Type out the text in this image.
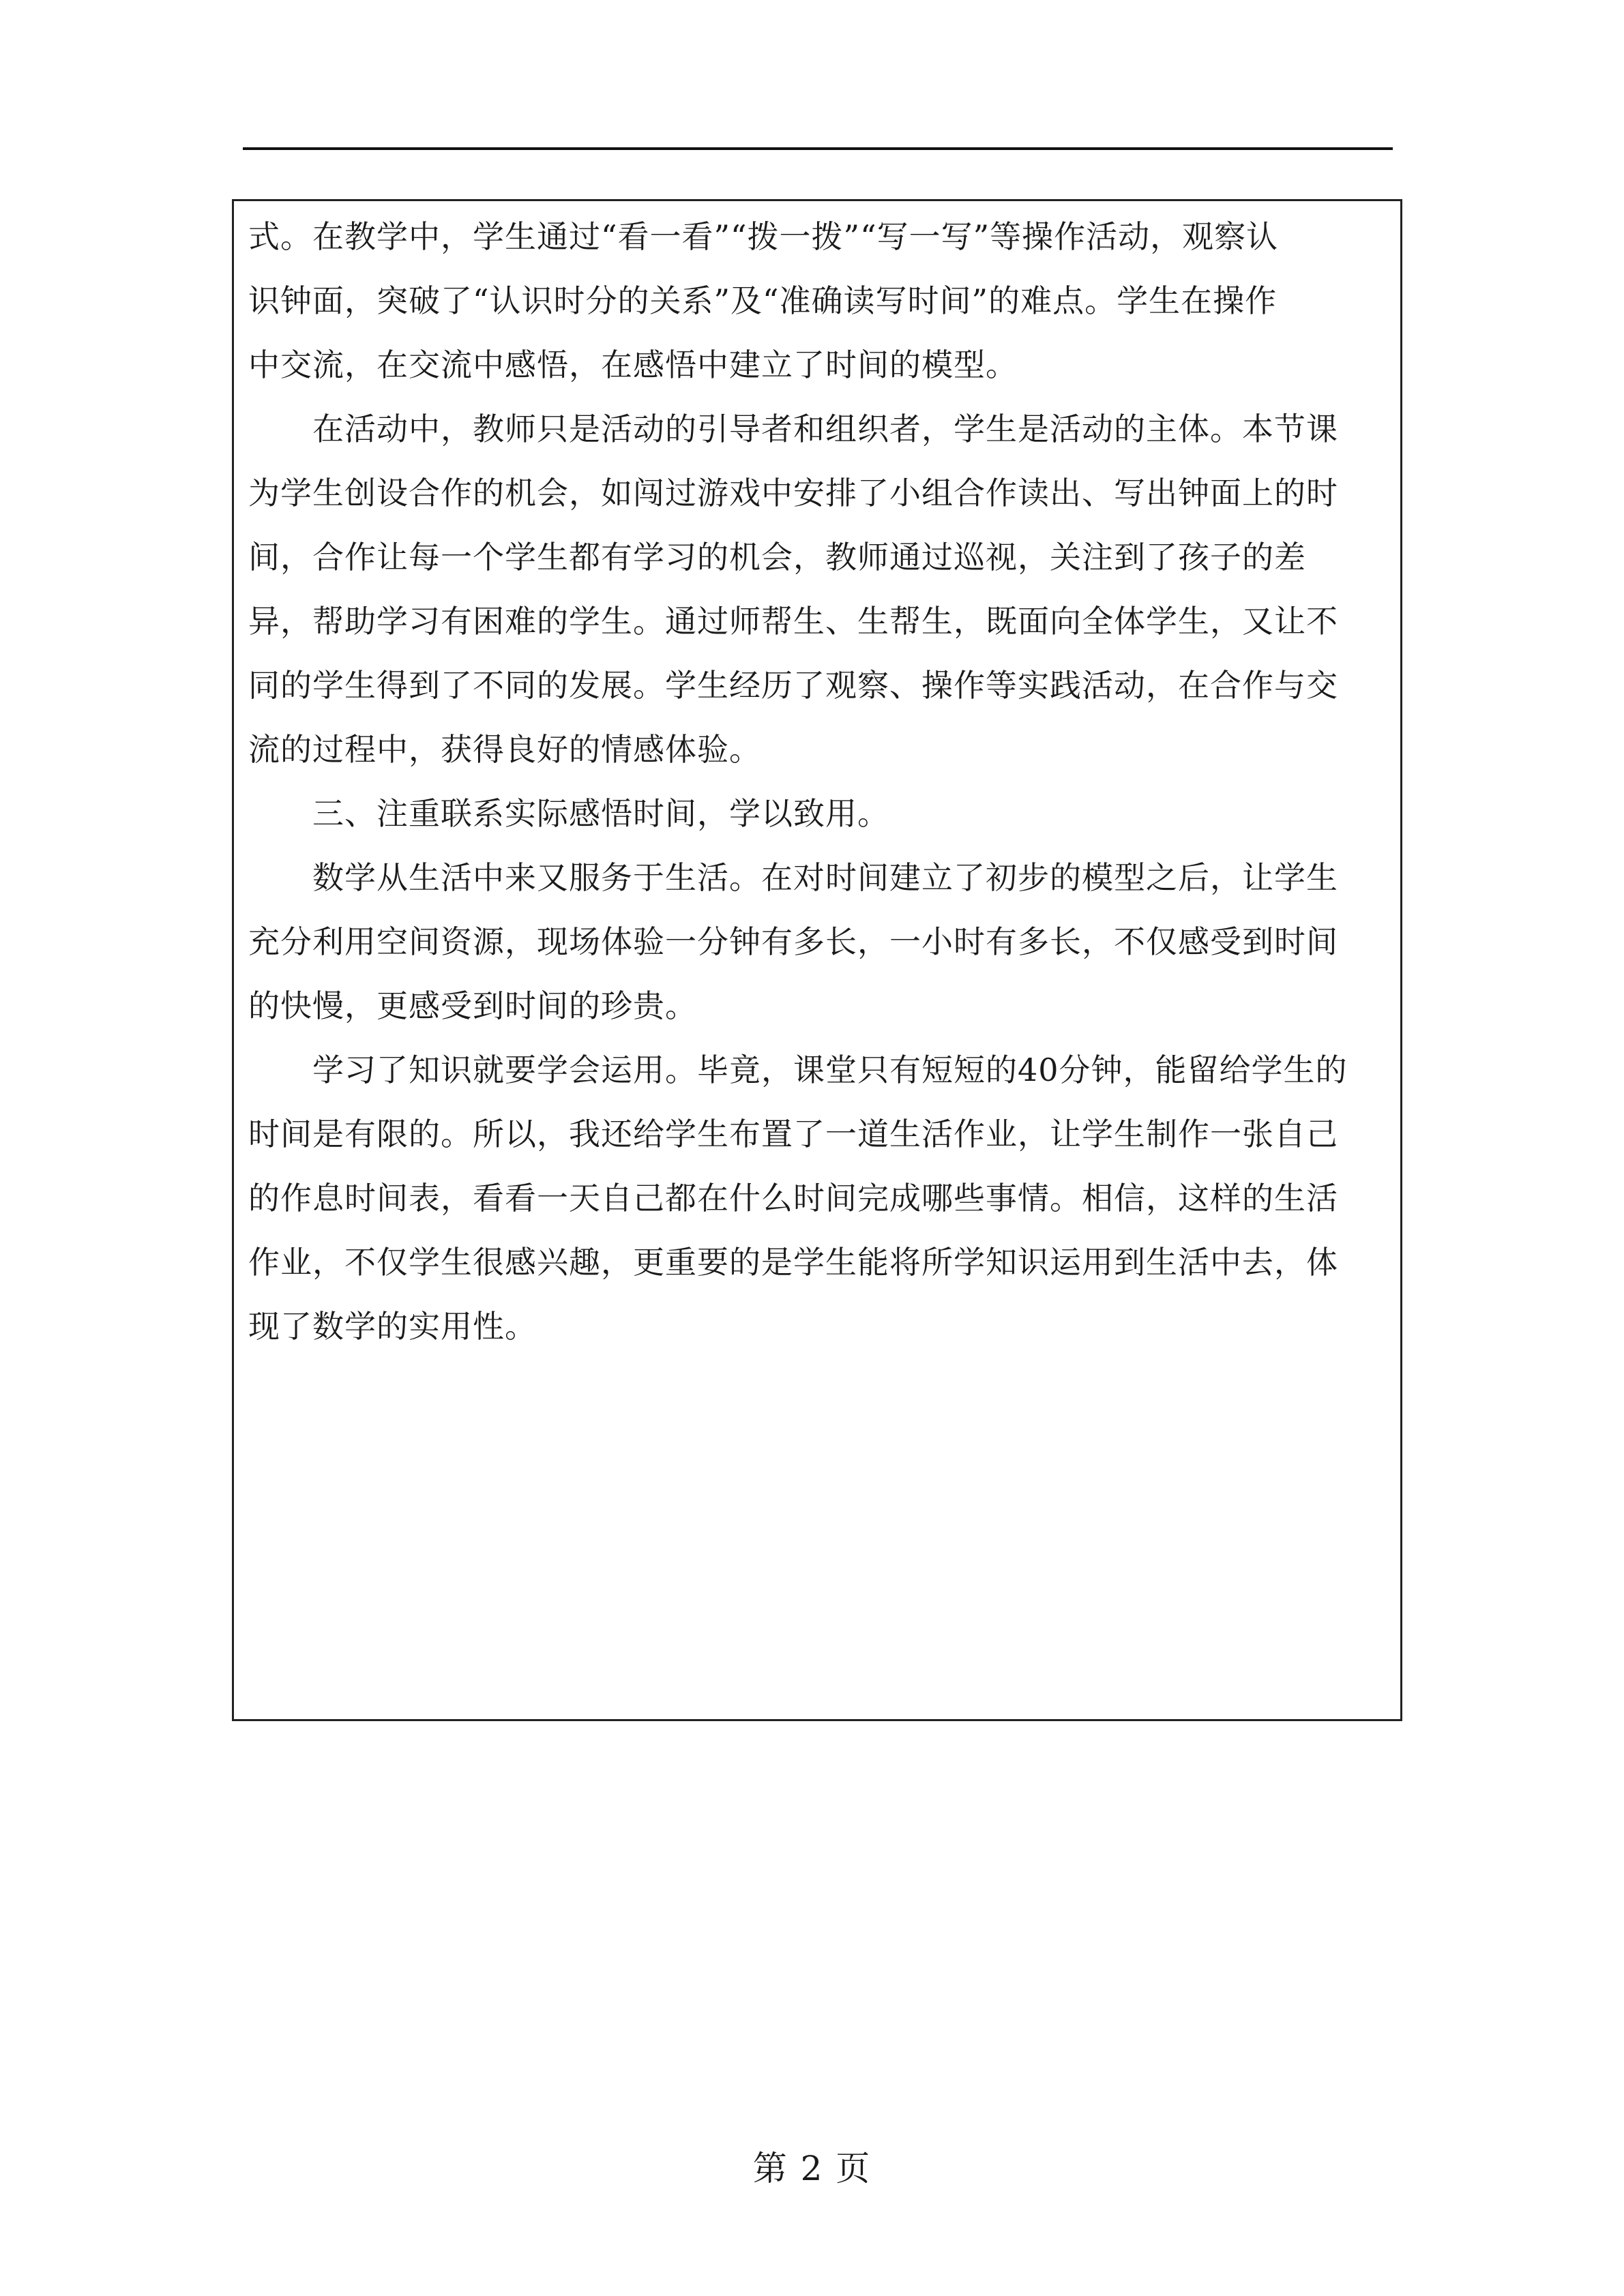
式。在教学中，学生通过“看一看”“拨一拨”“写一写”等操作活动，观察认
识钟面，突破了“认识时分的关系”及“准确读写时间”的难点。学生在操作
中交流，在交流中感悟，在感悟中建立了时间的模型。
　　在活动中，教师只是活动的引导者和组织者，学生是活动的主体。本节课
为学生创设合作的机会，如闯过游戏中安排了小组合作读出、写出钟面上的时
间，合作让每一个学生都有学习的机会，教师通过巡视，关注到了孩子的差
异，帮助学习有困难的学生。通过师帮生、生帮生，既面向全体学生，又让不
同的学生得到了不同的发展。学生经历了观察、操作等实践活动，在合作与交
流的过程中，获得良好的情感体验。
　　三、注重联系实际感悟时间，学以致用。
　　数学从生活中来又服务于生活。在对时间建立了初步的模型之后，让学生
充分利用空间资源，现场体验一分钟有多长，一小时有多长，不仅感受到时间
的快慢，更感受到时间的珍贵。
　　学习了知识就要学会运用。毕竟，课堂只有短短的40分钟，能留给学生的
时间是有限的。所以，我还给学生布置了一道生活作业，让学生制作一张自己
的作息时间表，看看一天自己都在什么时间完成哪些事情。相信，这样的生活
作业，不仅学生很感兴趣，更重要的是学生能将所学知识运用到生活中去，体
现了数学的实用性。
第 2 页
